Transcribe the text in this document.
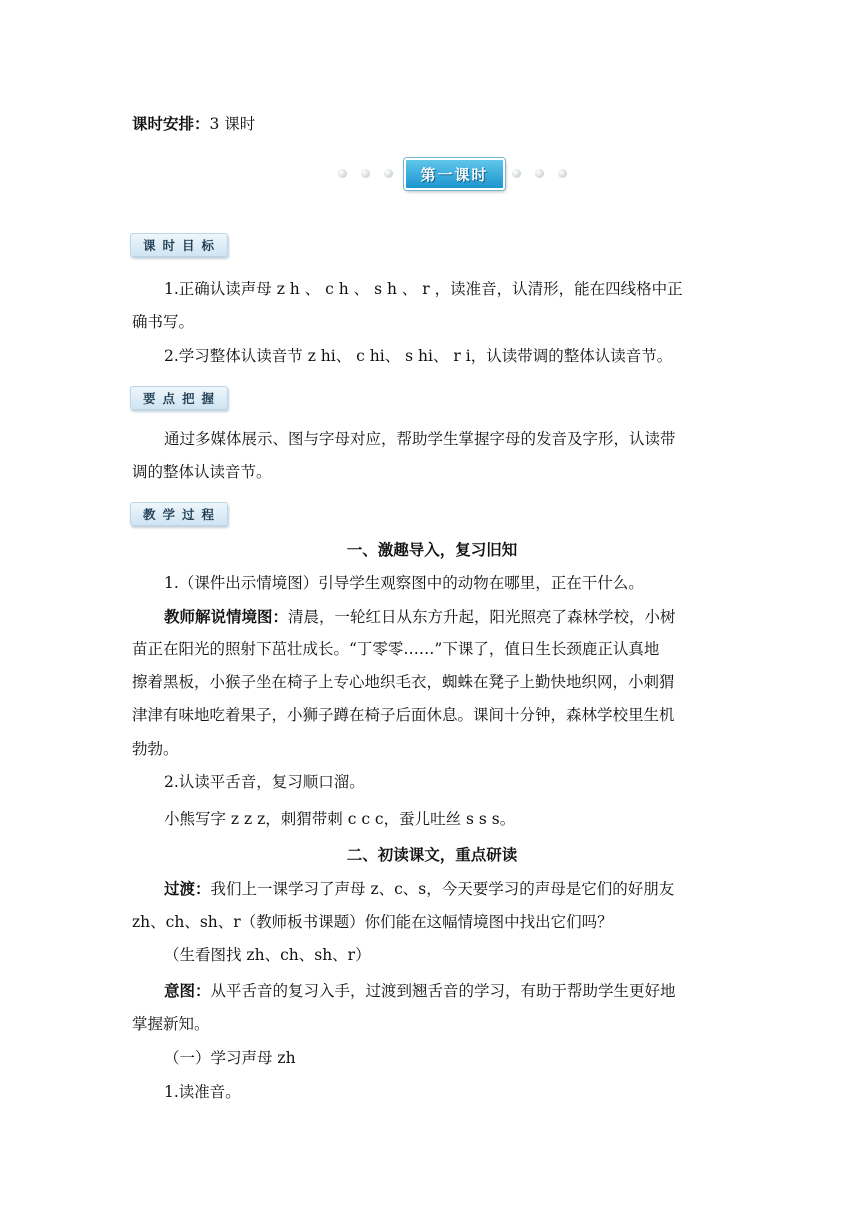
课时安排：3 课时

第一课时
课时目标

1.正确认读声母 z h 、 c h 、 s h 、 r ，读准音，认清形，能在四线格中正

确书写。

2.学习整体认读音节 z hi、 c hi、 s hi、 r i，认读带调的整体认读音节。

要点把握

通过多媒体展示、图与字母对应，帮助学生掌握字母的发音及字形，认读带

调的整体认读音节。

教学过程

一、激趣导入，复习旧知

1.（课件出示情境图）引导学生观察图中的动物在哪里，正在干什么。

教师解说情境图：清晨，一轮红日从东方升起，阳光照亮了森林学校，小树

苗正在阳光的照射下茁壮成长。“丁零零……”下课了，值日生长颈鹿正认真地

擦着黑板，小猴子坐在椅子上专心地织毛衣，蜘蛛在凳子上勤快地织网，小刺猬

津津有味地吃着果子，小狮子蹲在椅子后面休息。课间十分钟，森林学校里生机

勃勃。

2.认读平舌音，复习顺口溜。

小熊写字 z z z，刺猬带刺 c c c，蚕儿吐丝 s s s。

二、初读课文，重点研读

过渡：我们上一课学习了声母 z、c、s，今天要学习的声母是它们的好朋友

zh、ch、sh、r（教师板书课题）你们能在这幅情境图中找出它们吗？

（生看图找 zh、ch、sh、r）

意图：从平舌音的复习入手，过渡到翘舌音的学习，有助于帮助学生更好地

掌握新知。

（一）学习声母 zh

1.读准音。
